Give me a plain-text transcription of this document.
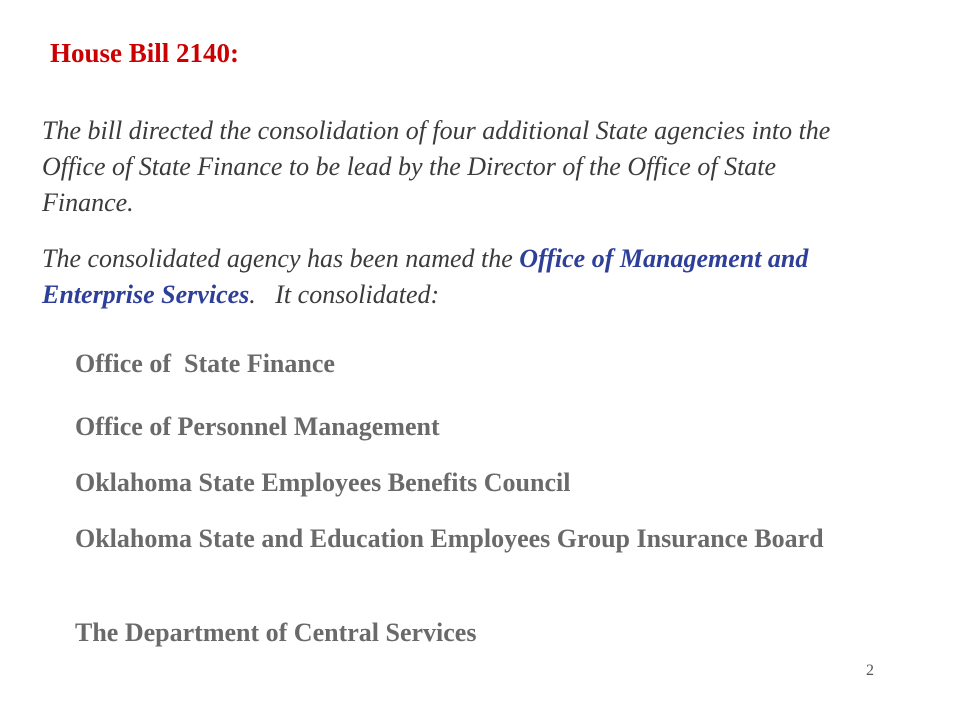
House Bill 2140:

The bill directed the consolidation of four additional State agencies into the Office of State Finance to be lead by the Director of the Office of State Finance.

The consolidated agency has been named the Office of Management and Enterprise Services.   It consolidated:

Office of  State Finance
Office of Personnel Management
Oklahoma State Employees Benefits Council
Oklahoma State and Education Employees Group Insurance Board
The Department of Central Services
2
